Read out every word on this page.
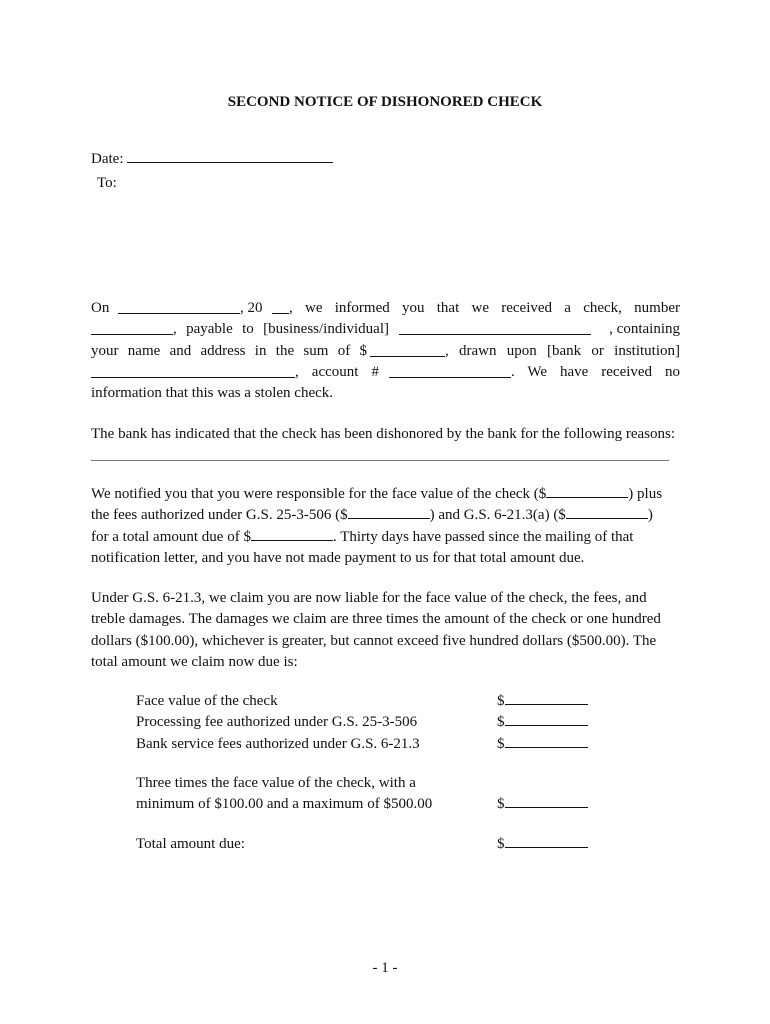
SECOND NOTICE OF DISHONORED CHECK
Date:
To:
On	, 20 , we informed you that we received a check, number
, payable to [business/individual]	, containing
your name and address in the sum of $	, drawn upon [bank or institution]
, account #	. We have received no
information that this was a stolen check.
The bank has indicated that the check has been dishonored by the bank for the following reasons:
We notified you that you were responsible for the face value of the check ($	) plus
the fees authorized under G.S. 25-3-506 ($	) and G.S. 6-21.3(a) ($	)
for a total amount due of $	. Thirty days have passed since the mailing of that
notification letter, and you have not made payment to us for that total amount due.
Under G.S. 6-21.3, we claim you are now liable for the face value of the check, the fees, and
treble damages. The damages we claim are three times the amount of the check or one hundred
dollars ($100.00), whichever is greater, but cannot exceed five hundred dollars ($500.00). The
total amount we claim now due is:
Face value of the check	$
Processing fee authorized under G.S. 25-3-506	$
Bank service fees authorized under G.S. 6-21.3	$
Three times the face value of the check, with a
minimum of $100.00 and a maximum of $500.00	$
Total amount due:	$
- 1 -
